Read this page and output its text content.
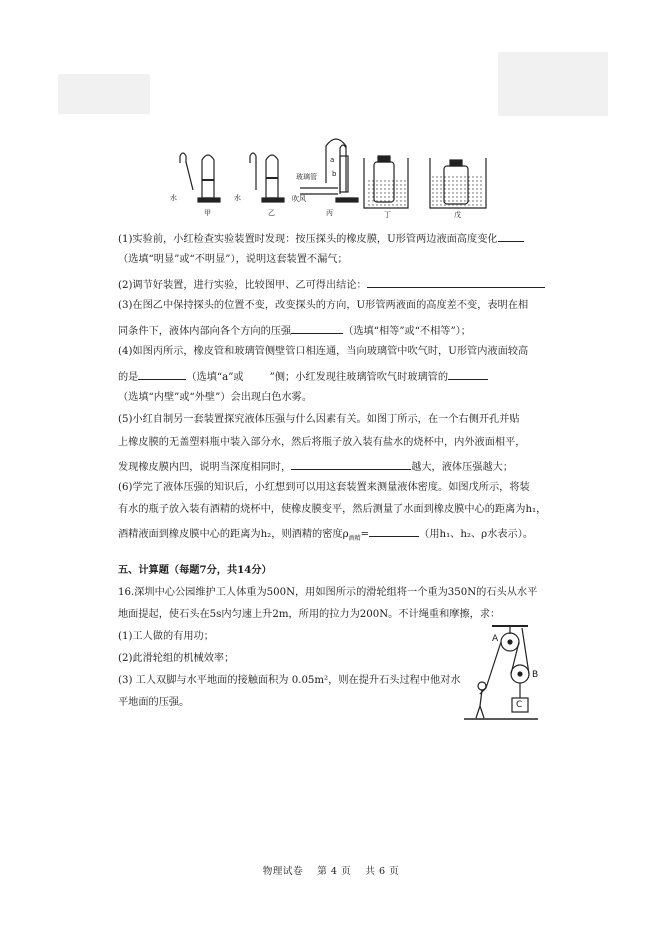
水	水
玻璃管
吹风
a
b
甲	乙	丙	丁	戊
(1)实验前，小红检查实验装置时发现：按压探头的橡皮膜，U形管两边液面高度变化
（选填“明显”或“不明显”），说明这套装置不漏气；
(2)调节好装置，进行实验，比较图甲、乙可得出结论：
(3)在图乙中保持探头的位置不变，改变探头的方向，U形管两液面的高度差不变，表明在相
同条件下，液体内部向各个方向的压强	（选填“相等”或“不相等”）；
(4)如图丙所示，橡皮管和玻璃管侧壁管口相连通，当向玻璃管中吹气时，U形管内液面较高
的是	（选填“a”或	”侧；小红发现往玻璃管吹气时玻璃管的
（选填“内壁”或“外壁”）会出现白色水雾。
(5)小红自制另一套装置探究液体压强与什么因素有关。如图丁所示，在一个右侧开孔并贴
上橡皮膜的无盖塑料瓶中装入部分水，然后将瓶子放入装有盐水的烧杯中，内外液面相平，
发现橡皮膜内凹，说明当深度相同时，	越大，液体压强越大；
(6)学完了液体压强的知识后，小红想到可以用这套装置来测量液体密度。如图戊所示，将装
有水的瓶子放入装有酒精的烧杯中，使橡皮膜变平，然后测量了水面到橡皮膜中心的距离为h₁，
酒精液面到橡皮膜中心的距离为h₂，则酒精的密度$\rho_{酒精}=$	（用h₁、h₂、ρ水表示）。
五、计算题（每题7分，共14分）
16.深圳中心公园维护工人体重为500N，用如图所示的滑轮组将一个重为350N的石头从水平
地面提起，使石头在5s内匀速上升2m，所用的拉力为200N。不计绳重和摩擦，求：
(1)工人做的有用功；
(2)此滑轮组的机械效率；
(3) 工人双脚与水平地面的接触面积为 0.05m²，则在提升石头过程中他对水
平地面的压强。
A
B
C
物理试卷    第 4 页    共 6 页
